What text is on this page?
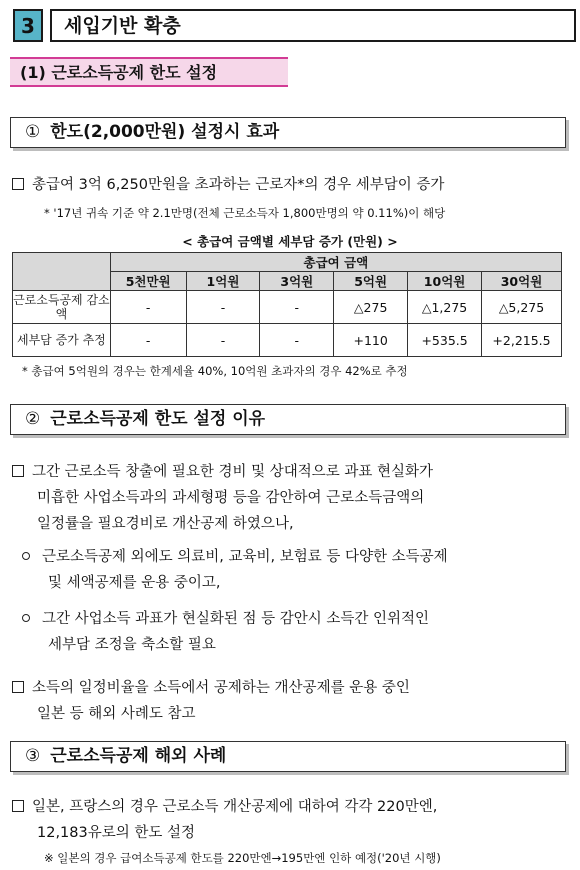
3	세입기반 확충
(1) 근로소득공제 한도 설정
① 한도(2,000만원) 설정시 효과
총급여 3억 6,250만원을 초과하는 근로자*의 경우 세부담이 증가
* '17년 귀속 기준 약 2.1만명(전체 근로소득자 1,800만명의 약 0.11%)이 해당
< 총급여 금액별 세부담 증가 (만원) >
	총급여 금액					
	5천만원	1억원	3억원	5억원	10억원	30억원
근로소득공제 감소액	-	-	-	△275	△1,275	△5,275
세부담 증가 추정	-	-	-	+110	+535.5	+2,215.5
* 총급여 5억원의 경우는 한계세율 40%, 10억원 초과자의 경우 42%로 추정
② 근로소득공제 한도 설정 이유
그간 근로소득 창출에 필요한 경비 및 상대적으로 과표 현실화가
미흡한 사업소득과의 과세형평 등을 감안하여 근로소득금액의
일정률을 필요경비로 개산공제 하였으나,
근로소득공제 외에도 의료비, 교육비, 보험료 등 다양한 소득공제
및 세액공제를 운용 중이고,
그간 사업소득 과표가 현실화된 점 등 감안시 소득간 인위적인
세부담 조정을 축소할 필요
소득의 일정비율을 소득에서 공제하는 개산공제를 운용 중인
일본 등 해외 사례도 참고
③ 근로소득공제 해외 사례
일본, 프랑스의 경우 근로소득 개산공제에 대하여 각각 220만엔,
12,183유로의 한도 설정
※ 일본의 경우 급여소득공제 한도를 220만엔→195만엔 인하 예정('20년 시행)
